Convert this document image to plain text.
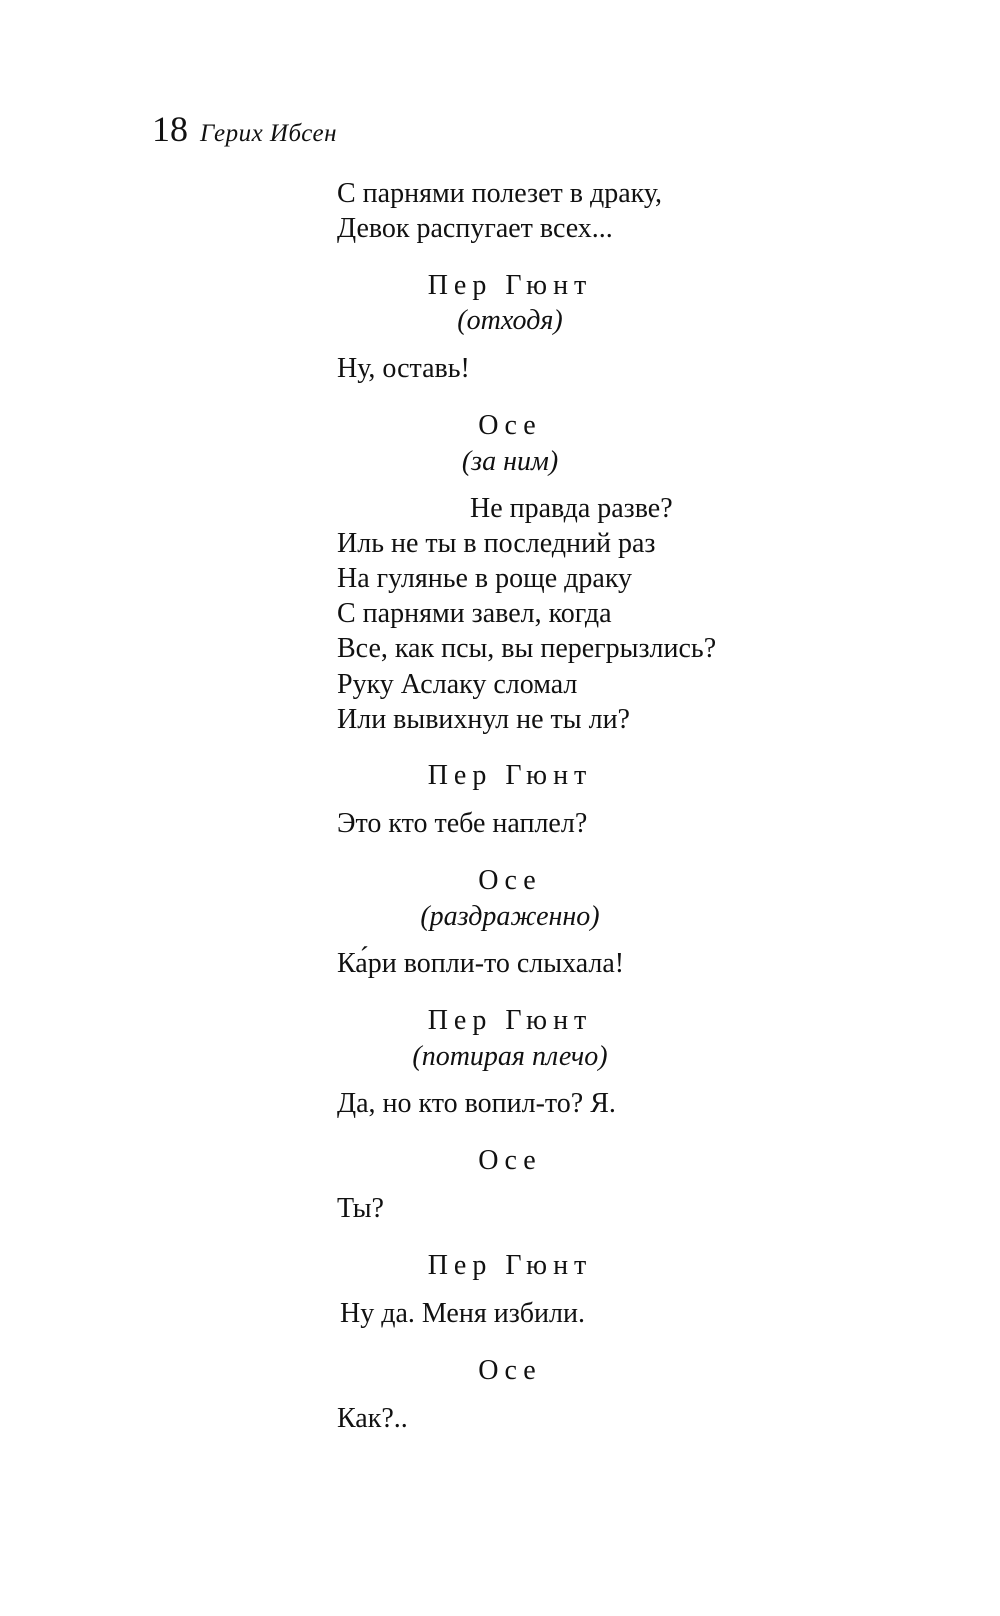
18 Герих Ибсен
С парнями полезет в драку,
Девок распугает всех...
Пер Гюнт
(отходя)
Ну, оставь!
Осе
(за ним)
Не правда разве?
Иль не ты в последний раз
На гулянье в роще драку
С парнями завел, когда
Все, как псы, вы перегрызлись?
Руку Аслаку сломал
Или вывихнул не ты ли?
Пер Гюнт
Это кто тебе наплел?
Осе
(раздраженно)
Ка́ри вопли-то слыхала!
Пер Гюнт
(потирая плечо)
Да, но кто вопил-то? Я.
Осе
Ты?
Пер Гюнт
Ну да. Меня избили.
Осе
Как?..
